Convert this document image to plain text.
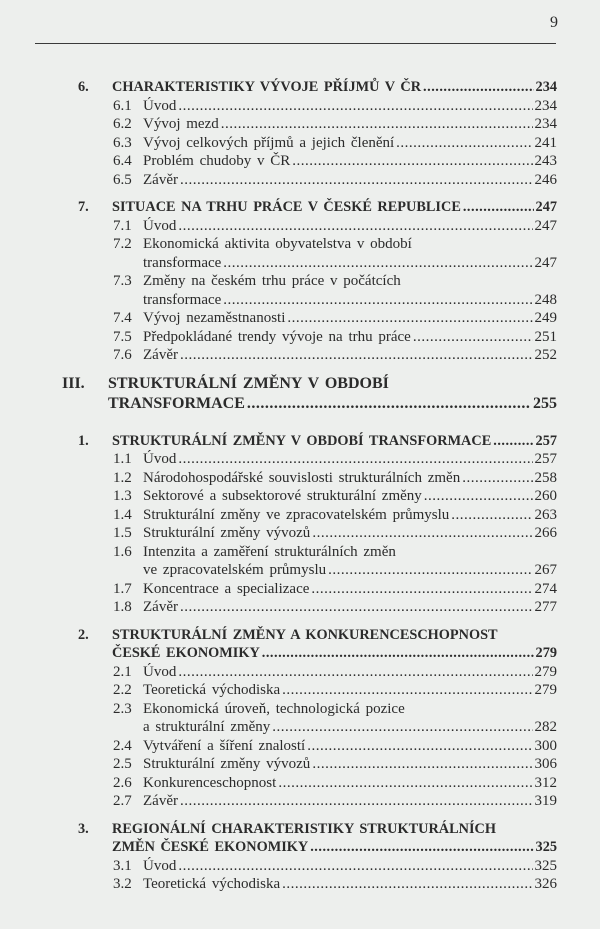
9
6. CHARAKTERISTIKY VÝVOJE PŘÍJMŮ V ČR .....	234
6.1 Úvod .....	234
6.2 Vývoj mezd .....	234
6.3 Vývoj celkových příjmů a jejich členění .....	241
6.4 Problém chudoby v ČR .....	243
6.5 Závěr .....	246
7. SITUACE NA TRHU PRÁCE V ČESKÉ REPUBLICE .....	247
7.1 Úvod .....	247
7.2 Ekonomická aktivita obyvatelstva v období
transformace .....	247
7.3 Změny na českém trhu práce v počátcích
transformace .....	248
7.4 Vývoj nezaměstnanosti .....	249
7.5 Předpokládané trendy vývoje na trhu práce .....	251
7.6 Závěr .....	252
III. STRUKTURÁLNÍ ZMĚNY V OBDOBÍ
TRANSFORMACE .....	255
1. STRUKTURÁLNÍ ZMĚNY V OBDOBÍ TRANSFORMACE .....	257
1.1 Úvod .....	257
1.2 Národohospodářské souvislosti strukturálních změn .....	258
1.3 Sektorové a subsektorové strukturální změny .....	260
1.4 Strukturální změny ve zpracovatelském průmyslu .....	263
1.5 Strukturální změny vývozů .....	266
1.6 Intenzita a zaměření strukturálních změn
ve zpracovatelském průmyslu .....	267
1.7 Koncentrace a specializace .....	274
1.8 Závěr .....	277
2. STRUKTURÁLNÍ ZMĚNY A KONKURENCESCHOPNOST
ČESKÉ EKONOMIKY .....	279
2.1 Úvod .....	279
2.2 Teoretická východiska .....	279
2.3 Ekonomická úroveň, technologická pozice
a strukturální změny .....	282
2.4 Vytváření a šíření znalostí .....	300
2.5 Strukturální změny vývozů .....	306
2.6 Konkurenceschopnost .....	312
2.7 Závěr .....	319
3. REGIONÁLNÍ CHARAKTERISTIKY STRUKTURÁLNÍCH
ZMĚN ČESKÉ EKONOMIKY .....	325
3.1 Úvod .....	325
3.2 Teoretická východiska .....	326
